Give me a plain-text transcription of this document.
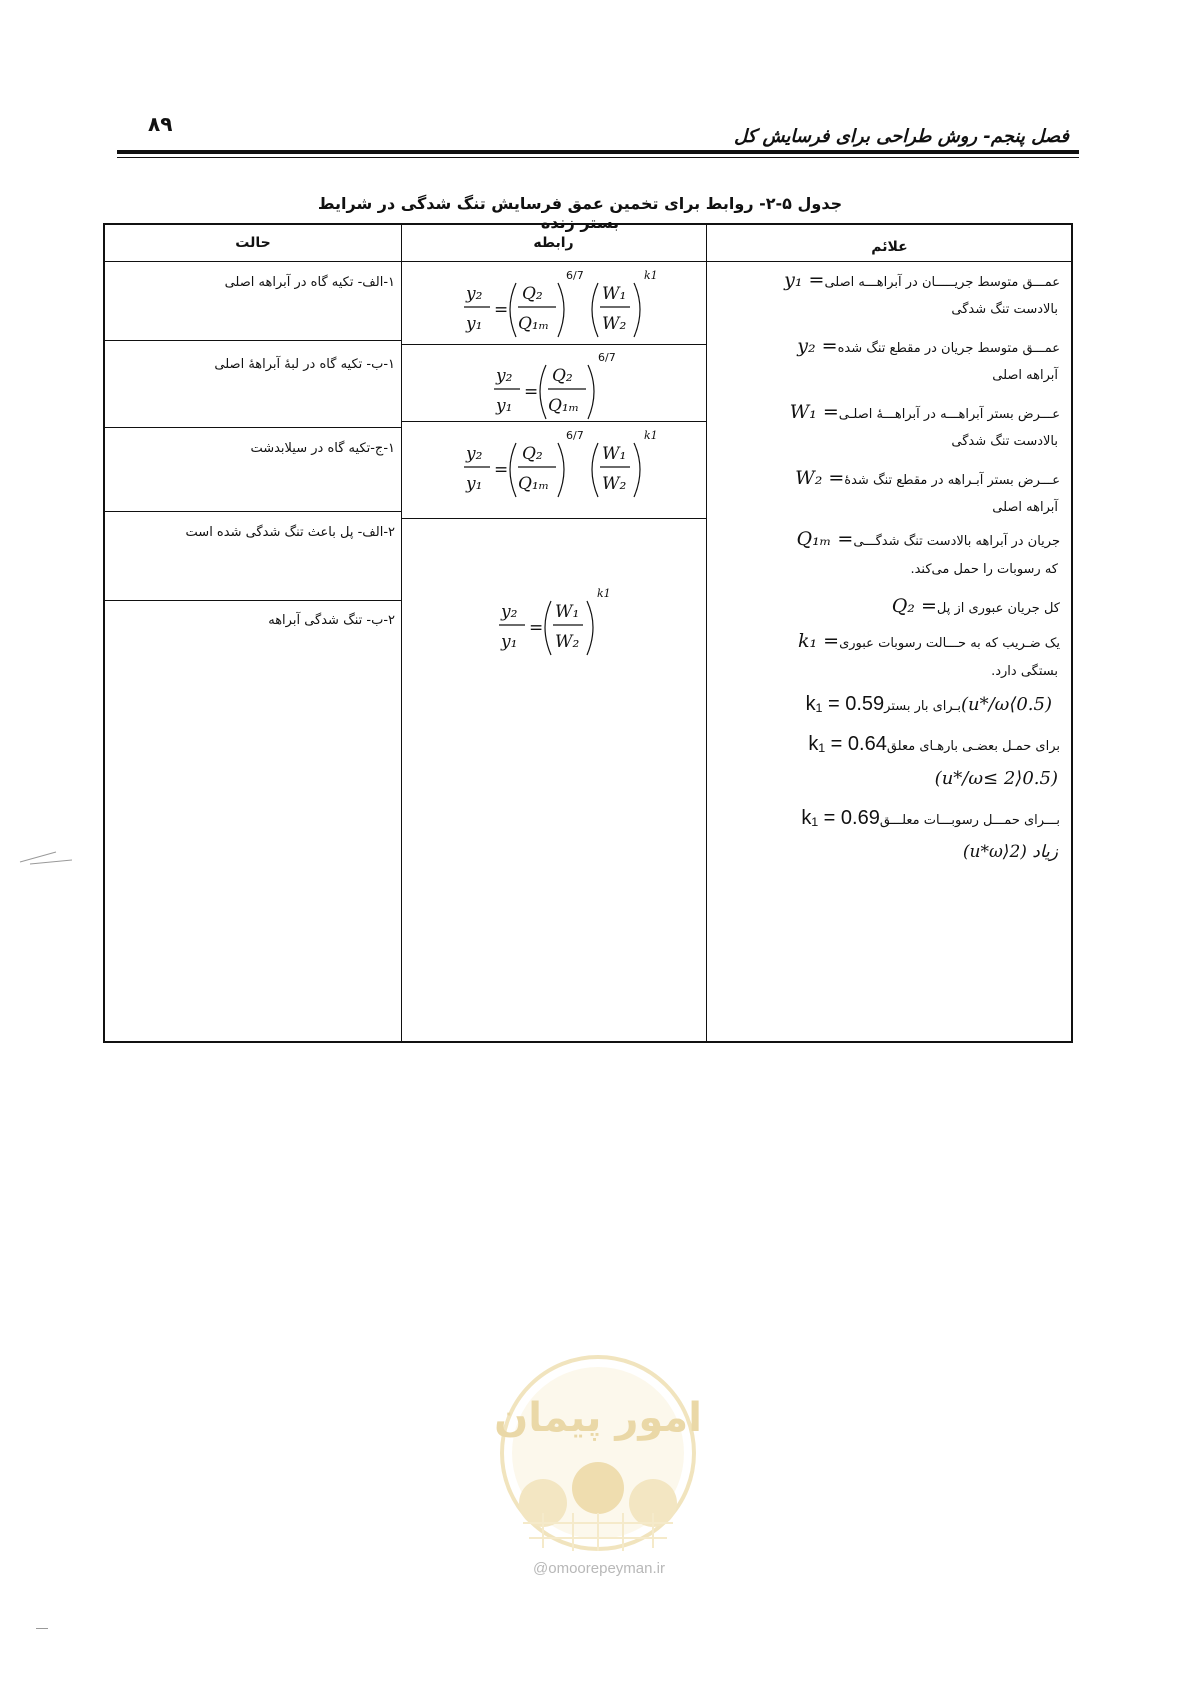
۸۹
فصل پنجم- روش طراحی برای فرسایش کل
جدول ۵-۲- روابط برای تخمین عمق فرسایش تنگ شدگی در شرایط بستر زنده
حالت	رابطه	علائم
۱-الف- تکیه گاه در آبراهه اصلی
۱-ب- تکیه گاه در لبهٔ آبراههٔ اصلی
۱-ج-تکیه گاه در سیلابدشت
۲-الف- پل باعث تنگ شدگی شده است
۲-ب- تنگ شدگی آبراهه
y₂
y₁
=
Q₂
Q₁ₘ
6/7
W₁
W₂
k1
y₂
y₁
=
Q₂
Q₁ₘ
6/7
y₂
y₁
=
Q₂
Q₁ₘ
6/7
W₁
W₂
k1
y₂
y₁
=
W₁
W₂
k1

y₁ = عمـــق متوسط جریـــــان در آبراهـــه اصلی

بالادست تنگ شدگی

y₂ = عمـــق متوسط جریان در مقطع تنگ شده

آبراهه اصلی

W₁ = عـــرض بستر آبراهـــه در آبراهـــهٔ اصلـی

بالادست تنگ شدگی

W₂ = عـــرض بستر آبـراهه در مقطع تنگ شدهٔ

آبراهه اصلی

Q₁ₘ = جریان در آبراهه بالادست تنگ شدگـــی

که رسوبات را حمل می‌کند.

Q₂ = کل جریان عبوری از پل

k₁ = یک ضـریب که به حـــالت رسوبات عبوری

بستگی دارد.

k₁ = 0.59 بـرای بار بستر (u*/ω⟨0.5)

k₁ = 0.64 برای حمـل بعضـی بارهـای معلق

(0.5⟨u*/ω≤ 2)

k₁ = 0.69 بـــرای حمـــل رسوبـــات معلـــق

زیاد (u*ω⟩2)

امور پیمان
@omoorepeyman.ir
